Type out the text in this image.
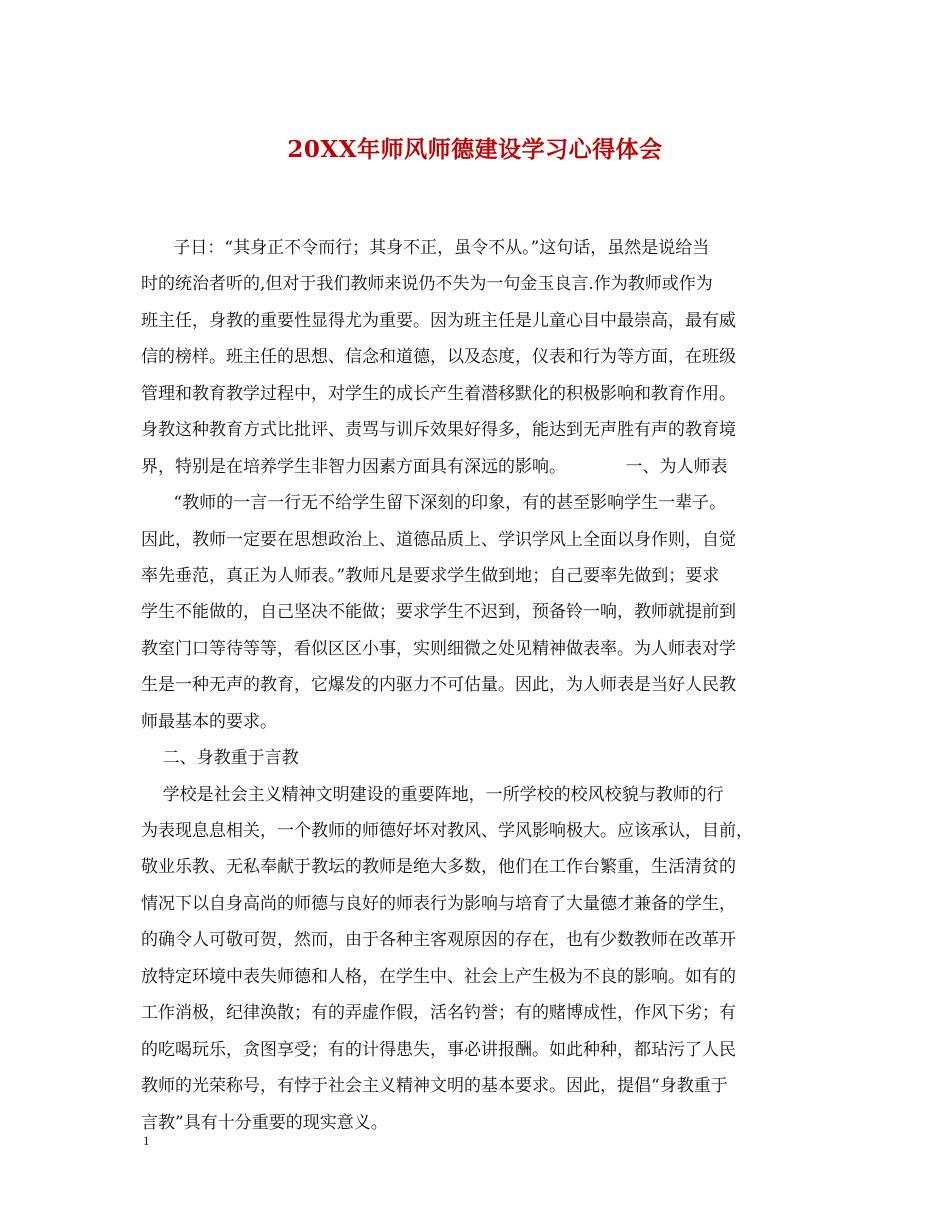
20XX年师风师德建设学习心得体会
子日：“其身正不令而行；其身不正，虽令不从。”这句话，虽然是说给当
时的统治者听的,但对于我们教师来说仍不失为一句金玉良言.作为教师或作为
班主任，身教的重要性显得尤为重要。因为班主任是儿童心目中最崇高，最有威
信的榜样。班主任的思想、信念和道德，以及态度，仪表和行为等方面，在班级
管理和教育教学过程中，对学生的成长产生着潜移默化的积极影响和教育作用。
身教这种教育方式比批评、责骂与训斥效果好得多，能达到无声胜有声的教育境
界，特别是在培养学生非智力因素方面具有深远的影响。           一、为人师表
“教师的一言一行无不给学生留下深刻的印象，有的甚至影响学生一辈子。
因此，教师一定要在思想政治上、道德品质上、学识学风上全面以身作则，自觉
率先垂范，真正为人师表。”教师凡是要求学生做到地；自己要率先做到；要求
学生不能做的，自己坚决不能做；要求学生不迟到，预备铃一响，教师就提前到
教室门口等待等等，看似区区小事，实则细微之处见精神做表率。为人师表对学
生是一种无声的教育，它爆发的内驱力不可估量。因此，为人师表是当好人民教
师最基本的要求。
二、身教重于言教
学校是社会主义精神文明建设的重要阵地，一所学校的校风校貌与教师的行
为表现息息相关，一个教师的师德好坏对教风、学风影响极大。应该承认，目前，
敬业乐教、无私奉献于教坛的教师是绝大多数，他们在工作台繁重，生活清贫的
情况下以自身高尚的师德与良好的师表行为影响与培育了大量德才兼备的学生，
的确令人可敬可贺，然而，由于各种主客观原因的存在，也有少数教师在改革开
放特定环境中表失师德和人格，在学生中、社会上产生极为不良的影响。如有的
工作消极，纪律涣散；有的弄虚作假，活名钓誉；有的赌博成性，作风下劣；有
的吃喝玩乐，贪图享受；有的计得患失，事必讲报酬。如此种种，都玷污了人民
教师的光荣称号，有悖于社会主义精神文明的基本要求。因此，提倡“身教重于
言教”具有十分重要的现实意义。
1
